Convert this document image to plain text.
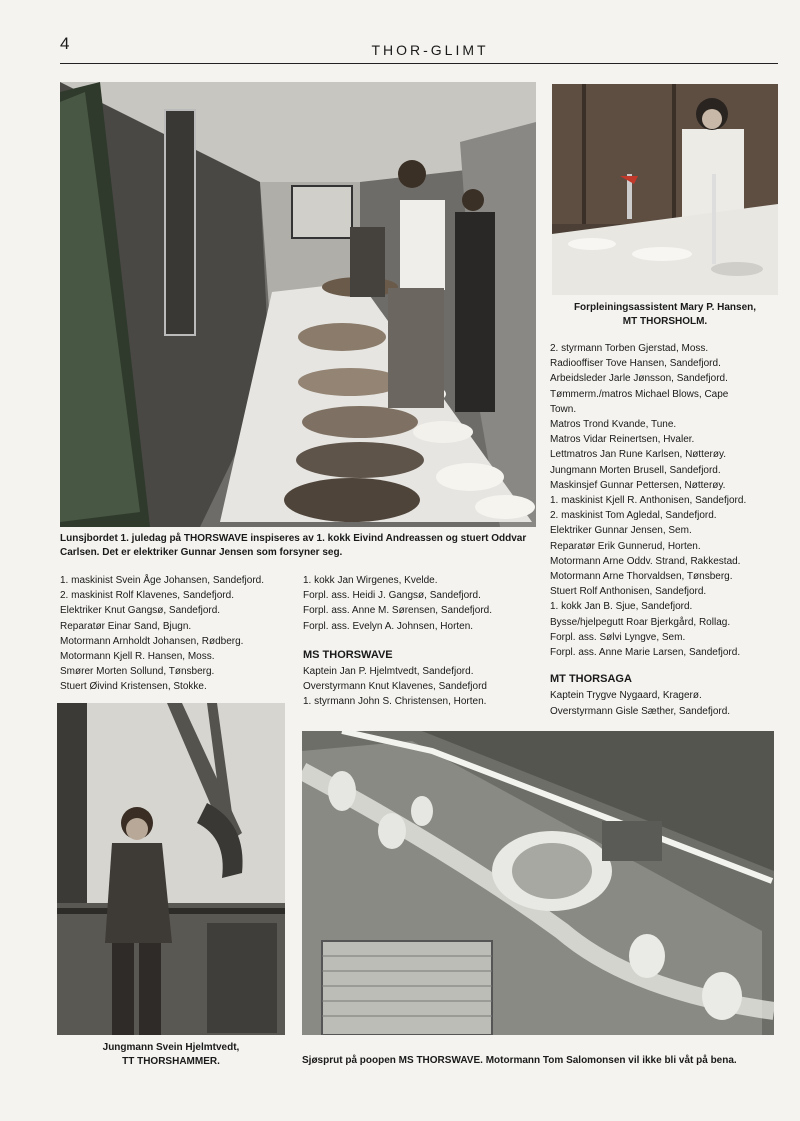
4	THOR-GLIMT
Lunsjbordet 1. juledag på THORSWAVE inspiseres av 1. kokk Eivind Andreassen og stuert Oddvar Carlsen. Det er elektriker Gunnar Jensen som forsyner seg.
Forpleiningsassistent Mary P. Hansen,
MT THORSHOLM.
1. maskinist Svein Åge Johansen, Sandefjord.
2. maskinist Rolf Klavenes, Sandefjord.
Elektriker Knut Gangsø, Sandefjord.
Reparatør Einar Sand, Bjugn.
Motormann Arnholdt Johansen, Rødberg.
Motormann Kjell R. Hansen, Moss.
Smører Morten Sollund, Tønsberg.
Stuert Øivind Kristensen, Stokke.
1. kokk Jan Wirgenes, Kvelde.
Forpl. ass. Heidi J. Gangsø, Sandefjord.
Forpl. ass. Anne M. Sørensen, Sandefjord.
Forpl. ass. Evelyn A. Johnsen, Horten.
MS THORSWAVE
Kaptein Jan P. Hjelmtvedt, Sandefjord.
Overstyrmann Knut Klavenes, Sandefjord
1. styrmann John S. Christensen, Horten.
2. styrmann Torben Gjerstad, Moss.
Radiooffiser Tove Hansen, Sandefjord.
Arbeidsleder Jarle Jønsson, Sandefjord.
Tømmerm./matros Michael Blows, Cape
Town.
Matros Trond Kvande, Tune.
Matros Vidar Reinertsen, Hvaler.
Lettmatros Jan Rune Karlsen, Nøtterøy.
Jungmann Morten Brusell, Sandefjord.
Maskinsjef Gunnar Pettersen, Nøtterøy.
1. maskinist Kjell R. Anthonisen, Sandefjord.
2. maskinist Tom Agledal, Sandefjord.
Elektriker Gunnar Jensen, Sem.
Reparatør Erik Gunnerud, Horten.
Motormann Arne Oddv. Strand, Rakkestad.
Motormann Arne Thorvaldsen, Tønsberg.
Stuert Rolf Anthonisen, Sandefjord.
1. kokk Jan B. Sjue, Sandefjord.
Bysse/hjelpegutt Roar Bjerkgård, Rollag.
Forpl. ass. Sølvi Lyngve, Sem.
Forpl. ass. Anne Marie Larsen, Sandefjord.
MT THORSAGA
Kaptein Trygve Nygaard, Kragerø.
Overstyrmann Gisle Sæther, Sandefjord.
Jungmann Svein Hjelmtvedt,
TT THORSHAMMER.	Sjøsprut på poopen MS THORSWAVE. Motormann Tom Salomonsen vil ikke bli våt på bena.
